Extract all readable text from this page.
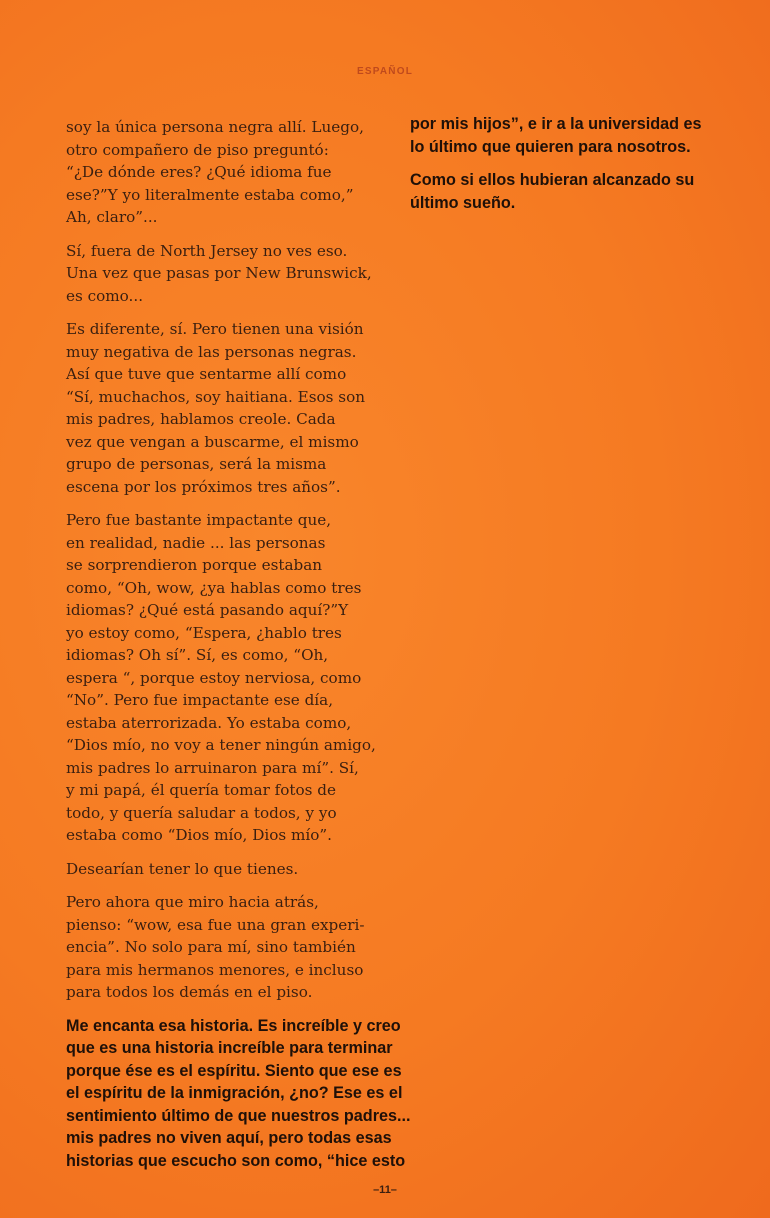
ESPAÑOL

soy la única persona negra allí. Luego,
otro compañero de piso preguntó:
“¿De dónde eres? ¿Qué idioma fue
ese?”Y yo literalmente estaba como,”
Ah, claro”...

Sí, fuera de North Jersey no ves eso.
Una vez que pasas por New Brunswick,
es como...

Es diferente, sí. Pero tienen una visión
muy negativa de las personas negras.
Así que tuve que sentarme allí como
“Sí, muchachos, soy haitiana. Esos son
mis padres, hablamos creole. Cada
vez que vengan a buscarme, el mismo
grupo de personas, será la misma
escena por los próximos tres años”.

Pero fue bastante impactante que,
en realidad, nadie ... las personas
se sorprendieron porque estaban
como, “Oh, wow, ¿ya hablas como tres
idiomas? ¿Qué está pasando aquí?”Y
yo estoy como, “Espera, ¿hablo tres
idiomas? Oh sí”. Sí, es como, “Oh,
espera “, porque estoy nerviosa, como
“No”. Pero fue impactante ese día,
estaba aterrorizada. Yo estaba como,
“Dios mío, no voy a tener ningún amigo,
mis padres lo arruinaron para mí”. Sí,
y mi papá, él quería tomar fotos de
todo, y quería saludar a todos, y yo
estaba como “Dios mío, Dios mío”.

Desearían tener lo que tienes.

Pero ahora que miro hacia atrás,
pienso: “wow, esa fue una gran experi-
encia”. No solo para mí, sino también
para mis hermanos menores, e incluso
para todos los demás en el piso.

Me encanta esa historia. Es increíble y creo
que es una historia increíble para terminar
porque ése es el espíritu. Siento que ese es
el espíritu de la inmigración, ¿no? Ese es el
sentimiento último de que nuestros padres...
mis padres no viven aquí, pero todas esas
historias que escucho son como, “hice esto

por mis hijos”, e ir a la universidad es
lo último que quieren para nosotros.

Como si ellos hubieran alcanzado su
último sueño.

–11–
